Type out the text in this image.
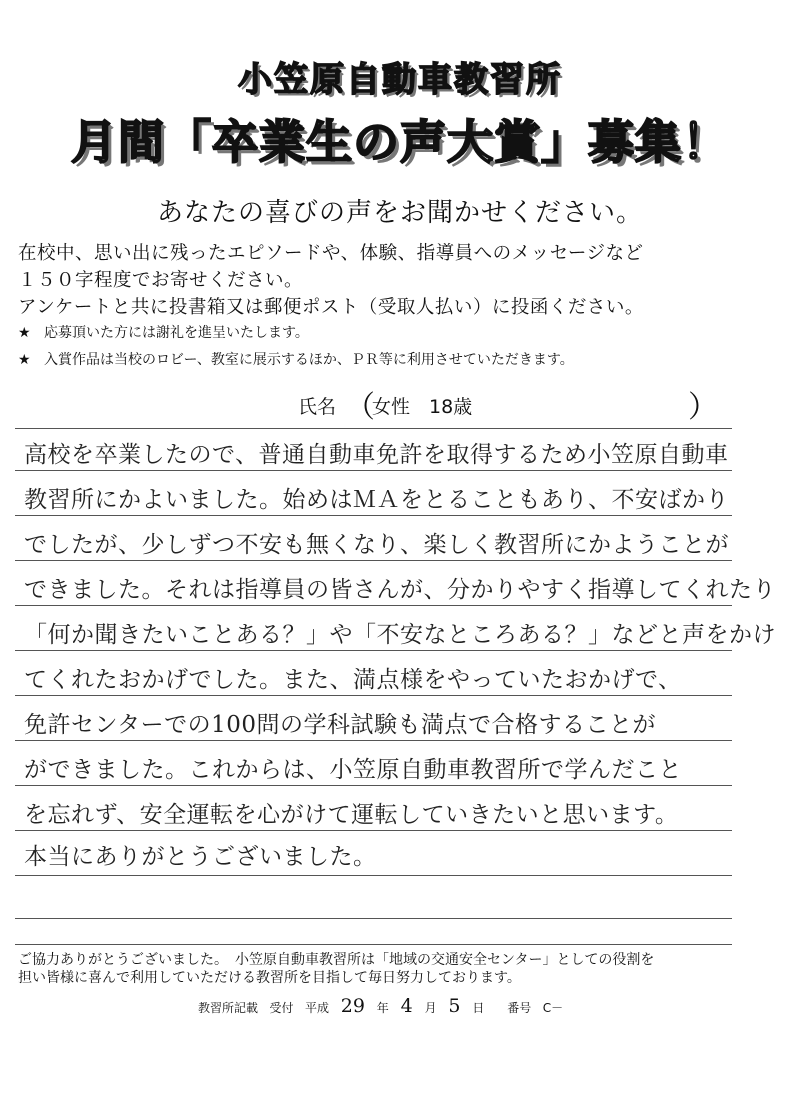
小笠原自動車教習所
月間「卒業生の声大賞」募集！
あなたの喜びの声をお聞かせください。
在校中、思い出に残ったエピソードや、体験、指導員へのメッセージなど
１５０字程度でお寄せください。
アンケートと共に投書箱又は郵便ポスト（受取人払い）に投函ください。
★ 応募頂いた方には謝礼を進呈いたします。
★ 入賞作品は当校のロビー、教室に展示するほか、ＰＲ等に利用させていただきます。
氏名 （
女性　18歳	）
高校を卒業したので、普通自動車免許を取得するため小笠原自動車
教習所にかよいました。始めはＭＡをとることもあり、不安ばかり
でしたが、少しずつ不安も無くなり、楽しく教習所にかようことが
できました。それは指導員の皆さんが、分かりやすく指導してくれたり
「何か聞きたいことある？」や「不安なところある？」などと声をかけ
てくれたおかげでした。また、満点様をやっていたおかげで、
免許センターでの100問の学科試験も満点で合格することが
ができました。これからは、小笠原自動車教習所で学んだこと
を忘れず、安全運転を心がけて運転していきたいと思います。
本当にありがとうございました。
ご協力ありがとうございました。　小笠原自動車教習所は「地域の交通安全センター」としての役割を
担い皆様に喜んで利用していただける教習所を目指して毎日努力しております。
教習所記載 受付 平成 29 年 4 月 5 日 番号 C－
